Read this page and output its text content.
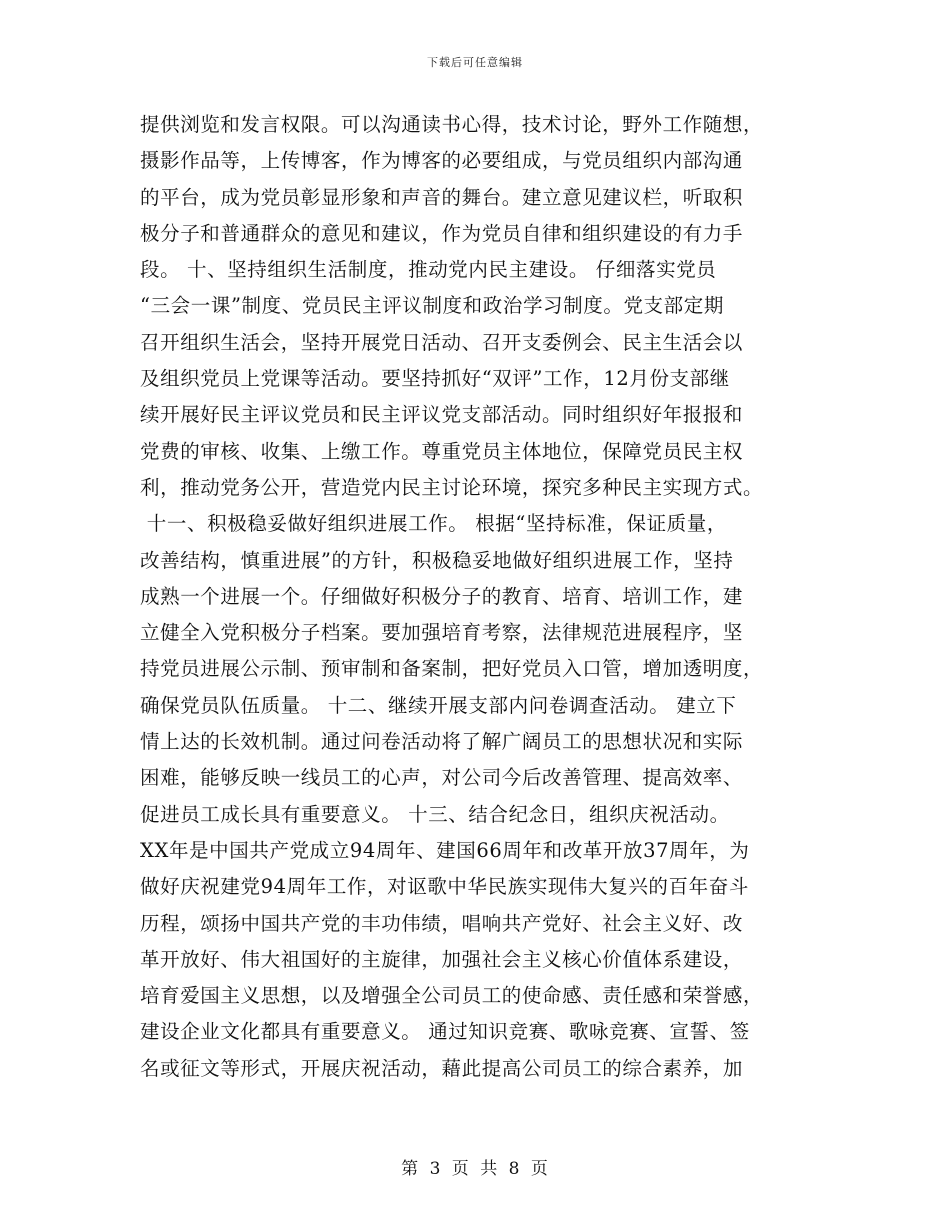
下载后可任意编辑
提供浏览和发言权限。可以沟通读书心得，技术讨论，野外工作随想，
摄影作品等，上传博客，作为博客的必要组成，与党员组织内部沟通
的平台，成为党员彰显形象和声音的舞台。建立意见建议栏，听取积
极分子和普通群众的意见和建议，作为党员自律和组织建设的有力手
段。 十、坚持组织生活制度，推动党内民主建设。 仔细落实党员
“三会一课”制度、党员民主评议制度和政治学习制度。党支部定期
召开组织生活会，坚持开展党日活动、召开支委例会、民主生活会以
及组织党员上党课等活动。要坚持抓好“双评”工作，12月份支部继
续开展好民主评议党员和民主评议党支部活动。同时组织好年报报和
党费的审核、收集、上缴工作。尊重党员主体地位，保障党员民主权
利，推动党务公开，营造党内民主讨论环境，探究多种民主实现方式。
十一、积极稳妥做好组织进展工作。 根据“坚持标准，保证质量，
改善结构，慎重进展”的方针，积极稳妥地做好组织进展工作，坚持
成熟一个进展一个。仔细做好积极分子的教育、培育、培训工作，建
立健全入党积极分子档案。要加强培育考察，法律规范进展程序，坚
持党员进展公示制、预审制和备案制，把好党员入口管，增加透明度，
确保党员队伍质量。 十二、继续开展支部内问卷调查活动。 建立下
情上达的长效机制。通过问卷活动将了解广阔员工的思想状况和实际
困难，能够反映一线员工的心声，对公司今后改善管理、提高效率、
促进员工成长具有重要意义。 十三、结合纪念日，组织庆祝活动。
XX年是中国共产党成立94周年、建国66周年和改革开放37周年，为
做好庆祝建党94周年工作，对讴歌中华民族实现伟大复兴的百年奋斗
历程，颂扬中国共产党的丰功伟绩，唱响共产党好、社会主义好、改
革开放好、伟大祖国好的主旋律，加强社会主义核心价值体系建设，
培育爱国主义思想，以及增强全公司员工的使命感、责任感和荣誉感，
建设企业文化都具有重要意义。 通过知识竞赛、歌咏竞赛、宣誓、签
名或征文等形式，开展庆祝活动，藉此提高公司员工的综合素养，加
第 3 页 共 8 页
